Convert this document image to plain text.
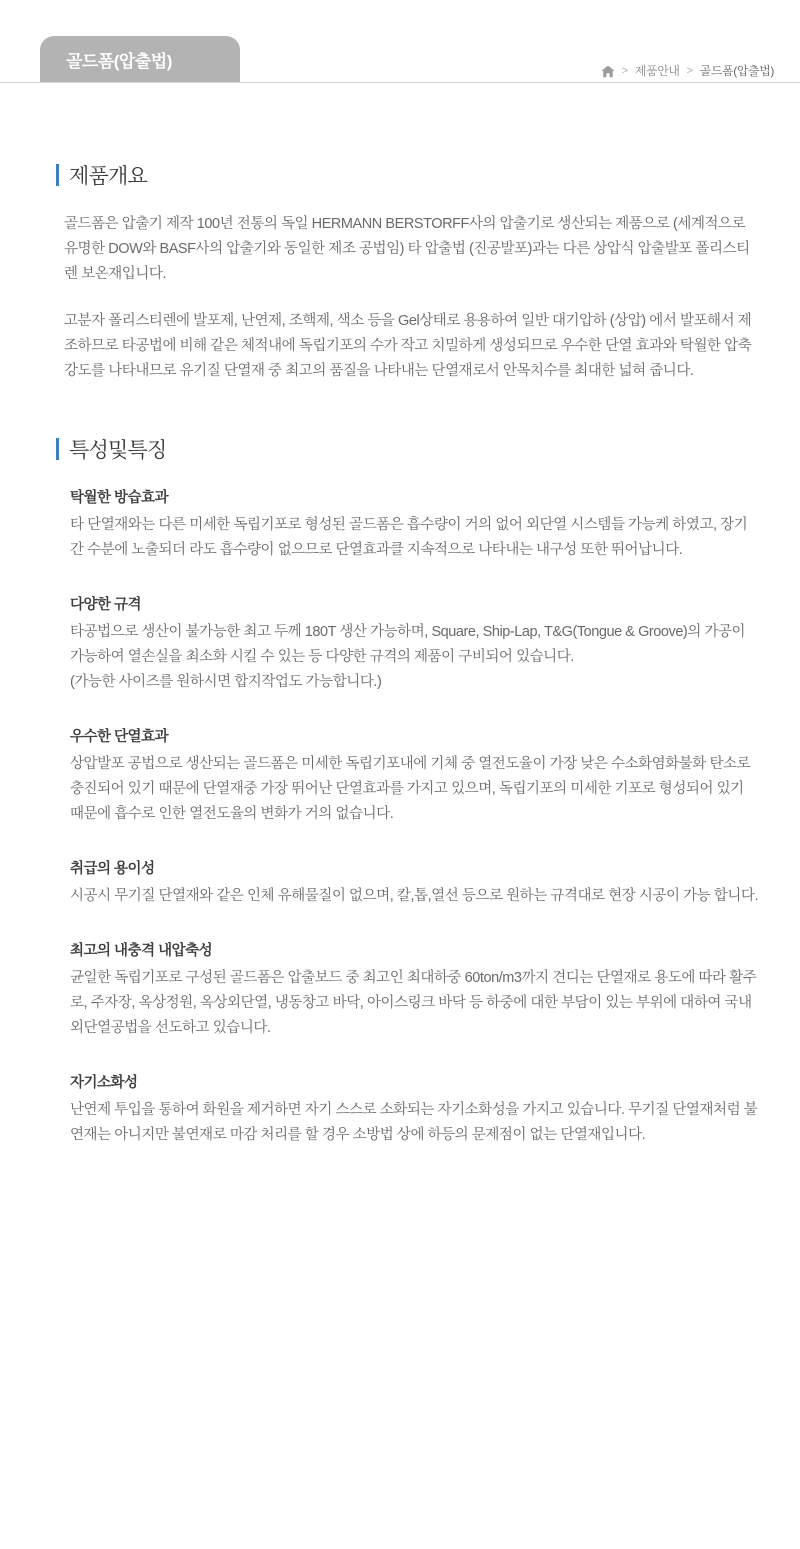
골드폼(압출법)	> 제품안내 > 골드폼(압출법)
제품개요

골드폼은 압출기 제작 100년 전통의 독일 HERMANN BERSTORFF사의 압출기로 생산되는 제품으로 (세계적으로 유명한 DOW와 BASF사의 압출기와 동일한 제조 공법임) 타 압출법 (진공발포)과는 다른 상압식 압출발포 폴리스티렌 보온재입니다.

고분자 폴리스티렌에 발포제, 난연제, 조핵제, 색소 등을 Gel상태로 용용하여 일반 대기압하 (상압) 에서 발포해서 제조하므로 타공법에 비해 같은 체적내에 독립기포의 수가 작고 치밀하게 생성되므로 우수한 단열 효과와 탁월한 압축강도를 나타내므로 유기질 단열재 중 최고의 품질을 나타내는 단열재로서 안목치수를 최대한 넓혀 줍니다.

특성및특징
탁월한 방습효과
타 단열재와는 다른 미세한 독립기포로 형성된 골드폼은 흡수량이 거의 없어 외단열 시스템들 가능케 하였고, 장기간 수분에 노출되더 라도 흡수량이 없으므로 단열효과클 지속적으로 나타내는 내구성 또한 뛰어납니다.
다양한 규격
타공법으로 생산이 불가능한 최고 두께 180T 생산 가능하며, Square, Ship-Lap, T&G(Tongue & Groove)의 가공이 가능하여 열손실을 최소화 시킬 수 있는 등 다양한 규격의 제품이 구비되어 있습니다.
(가능한 사이즈를 원하시면 합지작업도 가능합니다.)
우수한 단열효과
상압발포 공법으로 생산되는 골드폼은 미세한 독립기포내에 기체 중 열전도율이 가장 낮은 수소화염화불화 탄소로 충진되어 있기 때문에 단열재중 가장 뛰어난 단열효과를 가지고 있으며, 독립기포의 미세한 기포로 형성되어 있기 때문에 흡수로 인한 열전도율의 변화가 거의 없습니다.
취급의 용이성
시공시 무기질 단열재와 같은 인체 유해물질이 없으며, 칼,톱,열선 등으로 원하는 규격대로 현장 시공이 가능 합니다.
최고의 내충격 내압축성
균일한 독립기포로 구성된 골드폼은 압출보드 중 최고인 최대하중 60ton/m3까지 견디는 단열재로 용도에 따라 활주로, 주자장, 옥상정원, 옥상외단열, 냉동창고 바닥, 아이스링크 바닥 등 하중에 대한 부담이 있는 부위에 대하여 국내 외단열공법을 선도하고 있습니다.
자기소화성
난연제 투입을 통하여 화원을 제거하면 자기 스스로 소화되는 자기소화성을 가지고 있습니다. 무기질 단열재처럼 불연재는 아니지만 불연재로 마감 처리를 할 경우 소방법 상에 하등의 문제점이 없는 단열재입니다.
